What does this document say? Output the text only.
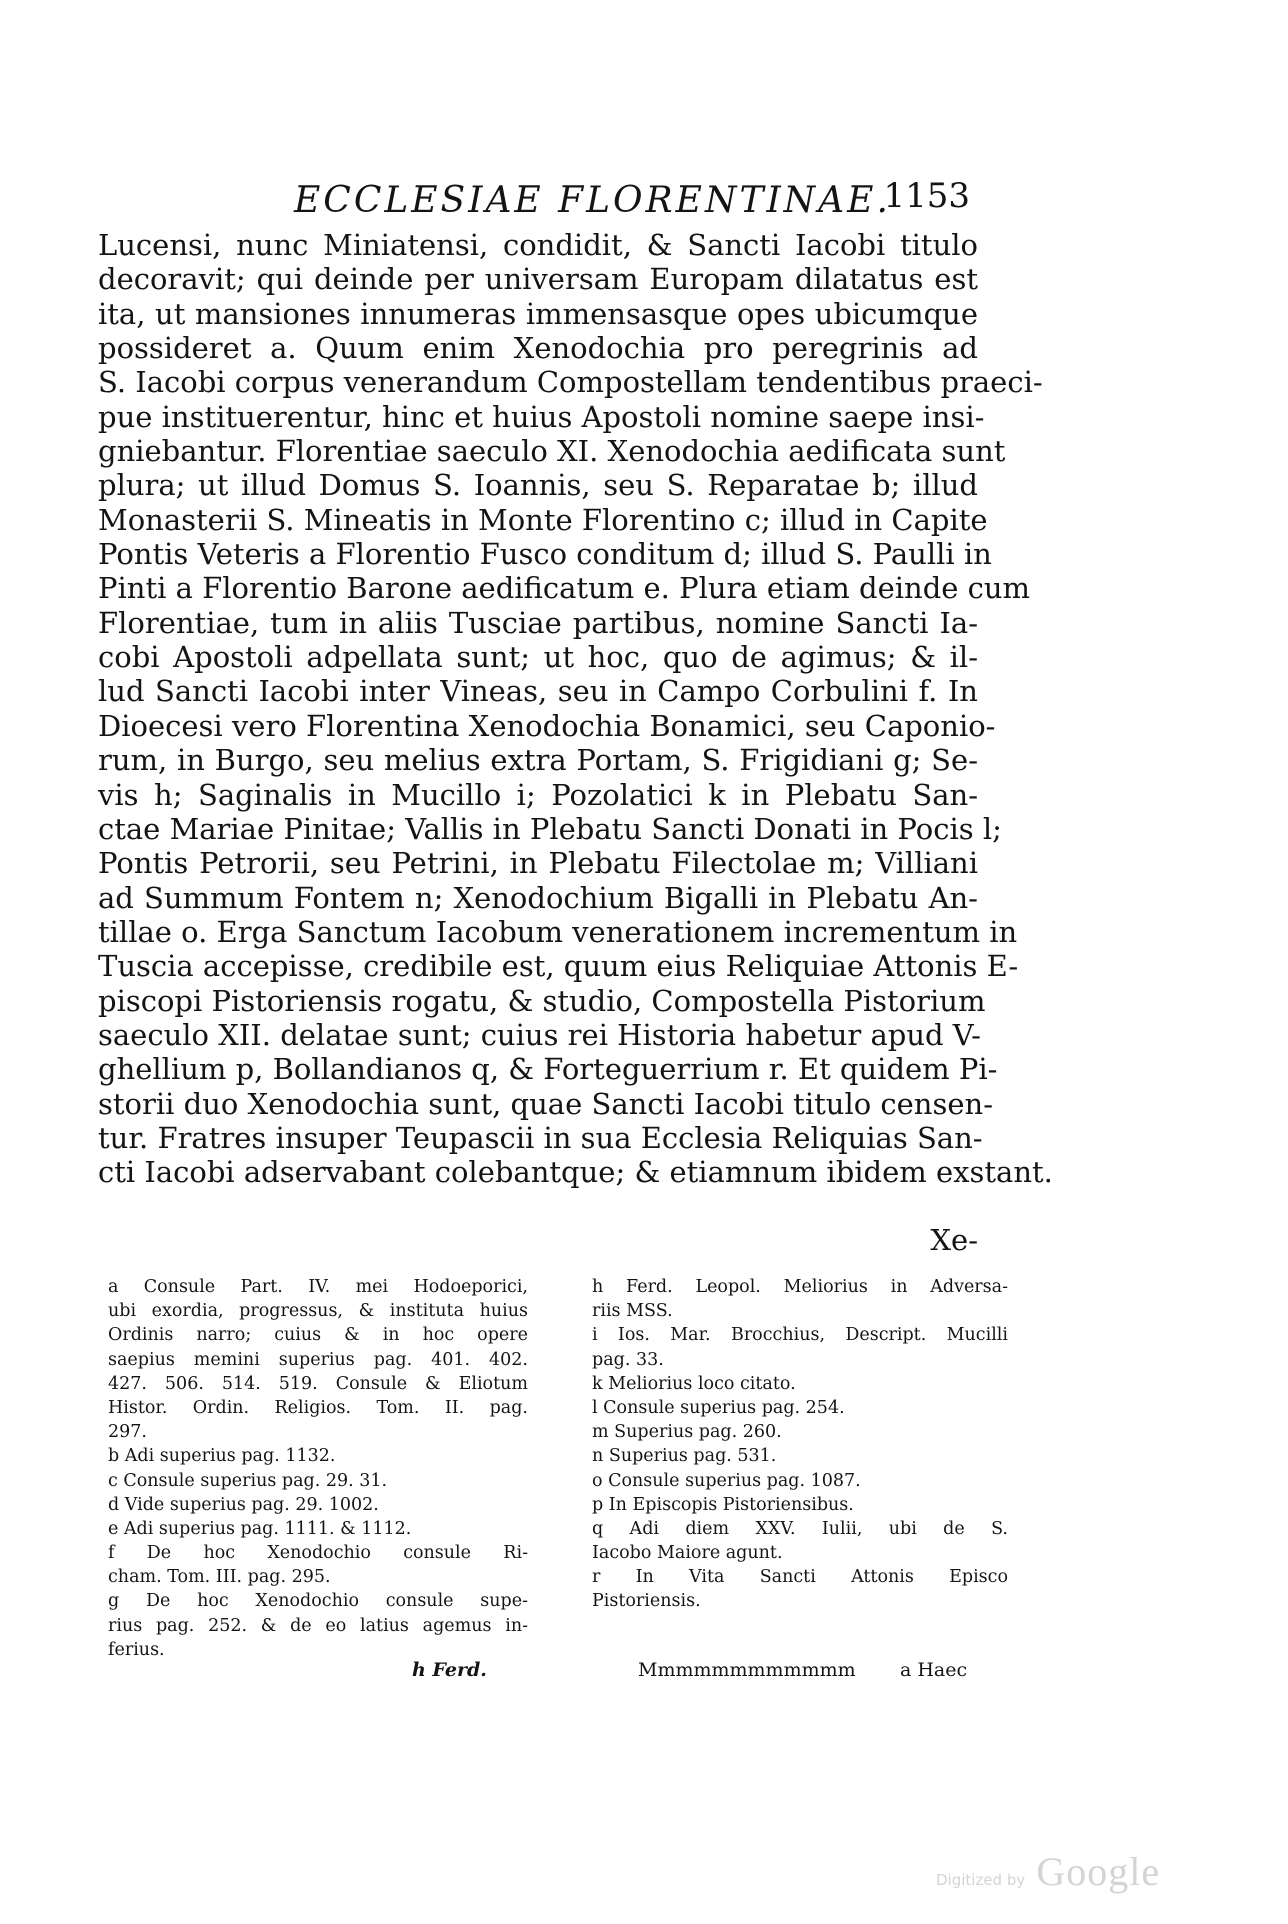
ECCLESIAE FLORENTINAE.
1153
Lucensi, nunc Miniatensi, condidit, & Sancti Iacobi titulo
decoravit; qui deinde per universam Europam dilatatus est
ita, ut mansiones innumeras immensasque opes ubicumque
possideret a. Quum enim Xenodochia pro peregrinis ad
S. Iacobi corpus venerandum Compostellam tendentibus praeci-
pue instituerentur, hinc et huius Apostoli nomine saepe insi-
gniebantur. Florentiae saeculo XI. Xenodochia aedificata sunt
plura; ut illud Domus S. Ioannis, seu S. Reparatae b; illud
Monasterii S. Mineatis in Monte Florentino c; illud in Capite
Pontis Veteris a Florentio Fusco conditum d; illud S. Paulli in
Pinti a Florentio Barone aedificatum e. Plura etiam deinde cum
Florentiae, tum in aliis Tusciae partibus, nomine Sancti Ia-
cobi Apostoli adpellata sunt; ut hoc, quo de agimus; & il-
lud Sancti Iacobi inter Vineas, seu in Campo Corbulini f. In
Dioecesi vero Florentina Xenodochia Bonamici, seu Caponio-
rum, in Burgo, seu melius extra Portam, S. Frigidiani g; Se-
vis h; Saginalis in Mucillo i; Pozolatici k in Plebatu San-
ctae Mariae Pinitae; Vallis in Plebatu Sancti Donati in Pocis l;
Pontis Petrorii, seu Petrini, in Plebatu Filectolae m; Villiani
ad Summum Fontem n; Xenodochium Bigalli in Plebatu An-
tillae o. Erga Sanctum Iacobum venerationem incrementum in
Tuscia accepisse, credibile est, quum eius Reliquiae Attonis E-
piscopi Pistoriensis rogatu, & studio, Compostella Pistorium
saeculo XII. delatae sunt; cuius rei Historia habetur apud V-
ghellium p, Bollandianos q, & Forteguerrium r. Et quidem Pi-
storii duo Xenodochia sunt, quae Sancti Iacobi titulo censen-
tur. Fratres insuper Teupascii in sua Ecclesia Reliquias San-
cti Iacobi adservabant colebantque; & etiamnum ibidem exstant.
Xe-
a Consule Part. IV. mei Hodoeporici,
ubi exordia, progressus, & instituta huius
Ordinis narro; cuius & in hoc opere
saepius memini superius pag. 401. 402.
427. 506. 514. 519. Consule & Eliotum
Histor. Ordin. Religios. Tom. II. pag.
297.
b Adi superius pag. 1132.
c Consule superius pag. 29. 31.
d Vide superius pag. 29. 1002.
e Adi superius pag. 1111. & 1112.
f De hoc Xenodochio consule Ri-
cham. Tom. III. pag. 295.
g De hoc Xenodochio consule supe-
rius pag. 252. & de eo latius agemus in-
ferius.
h Ferd. Leopol. Meliorius in Adversa-
riis MSS.
i Ios. Mar. Brocchius, Descript. Mucilli
pag. 33.
k Meliorius loco citato.
l Consule superius pag. 254.
m Superius pag. 260.
n Superius pag. 531.
o Consule superius pag. 1087.
p In Episcopis Pistoriensibus.
q Adi diem XXV. Iulii, ubi de S.
Iacobo Maiore agunt.
r In Vita Sancti Attonis Episco
Pistoriensis.
h Ferd.	Mmmmmmmmmmmm a Haec
Digitized by Google
